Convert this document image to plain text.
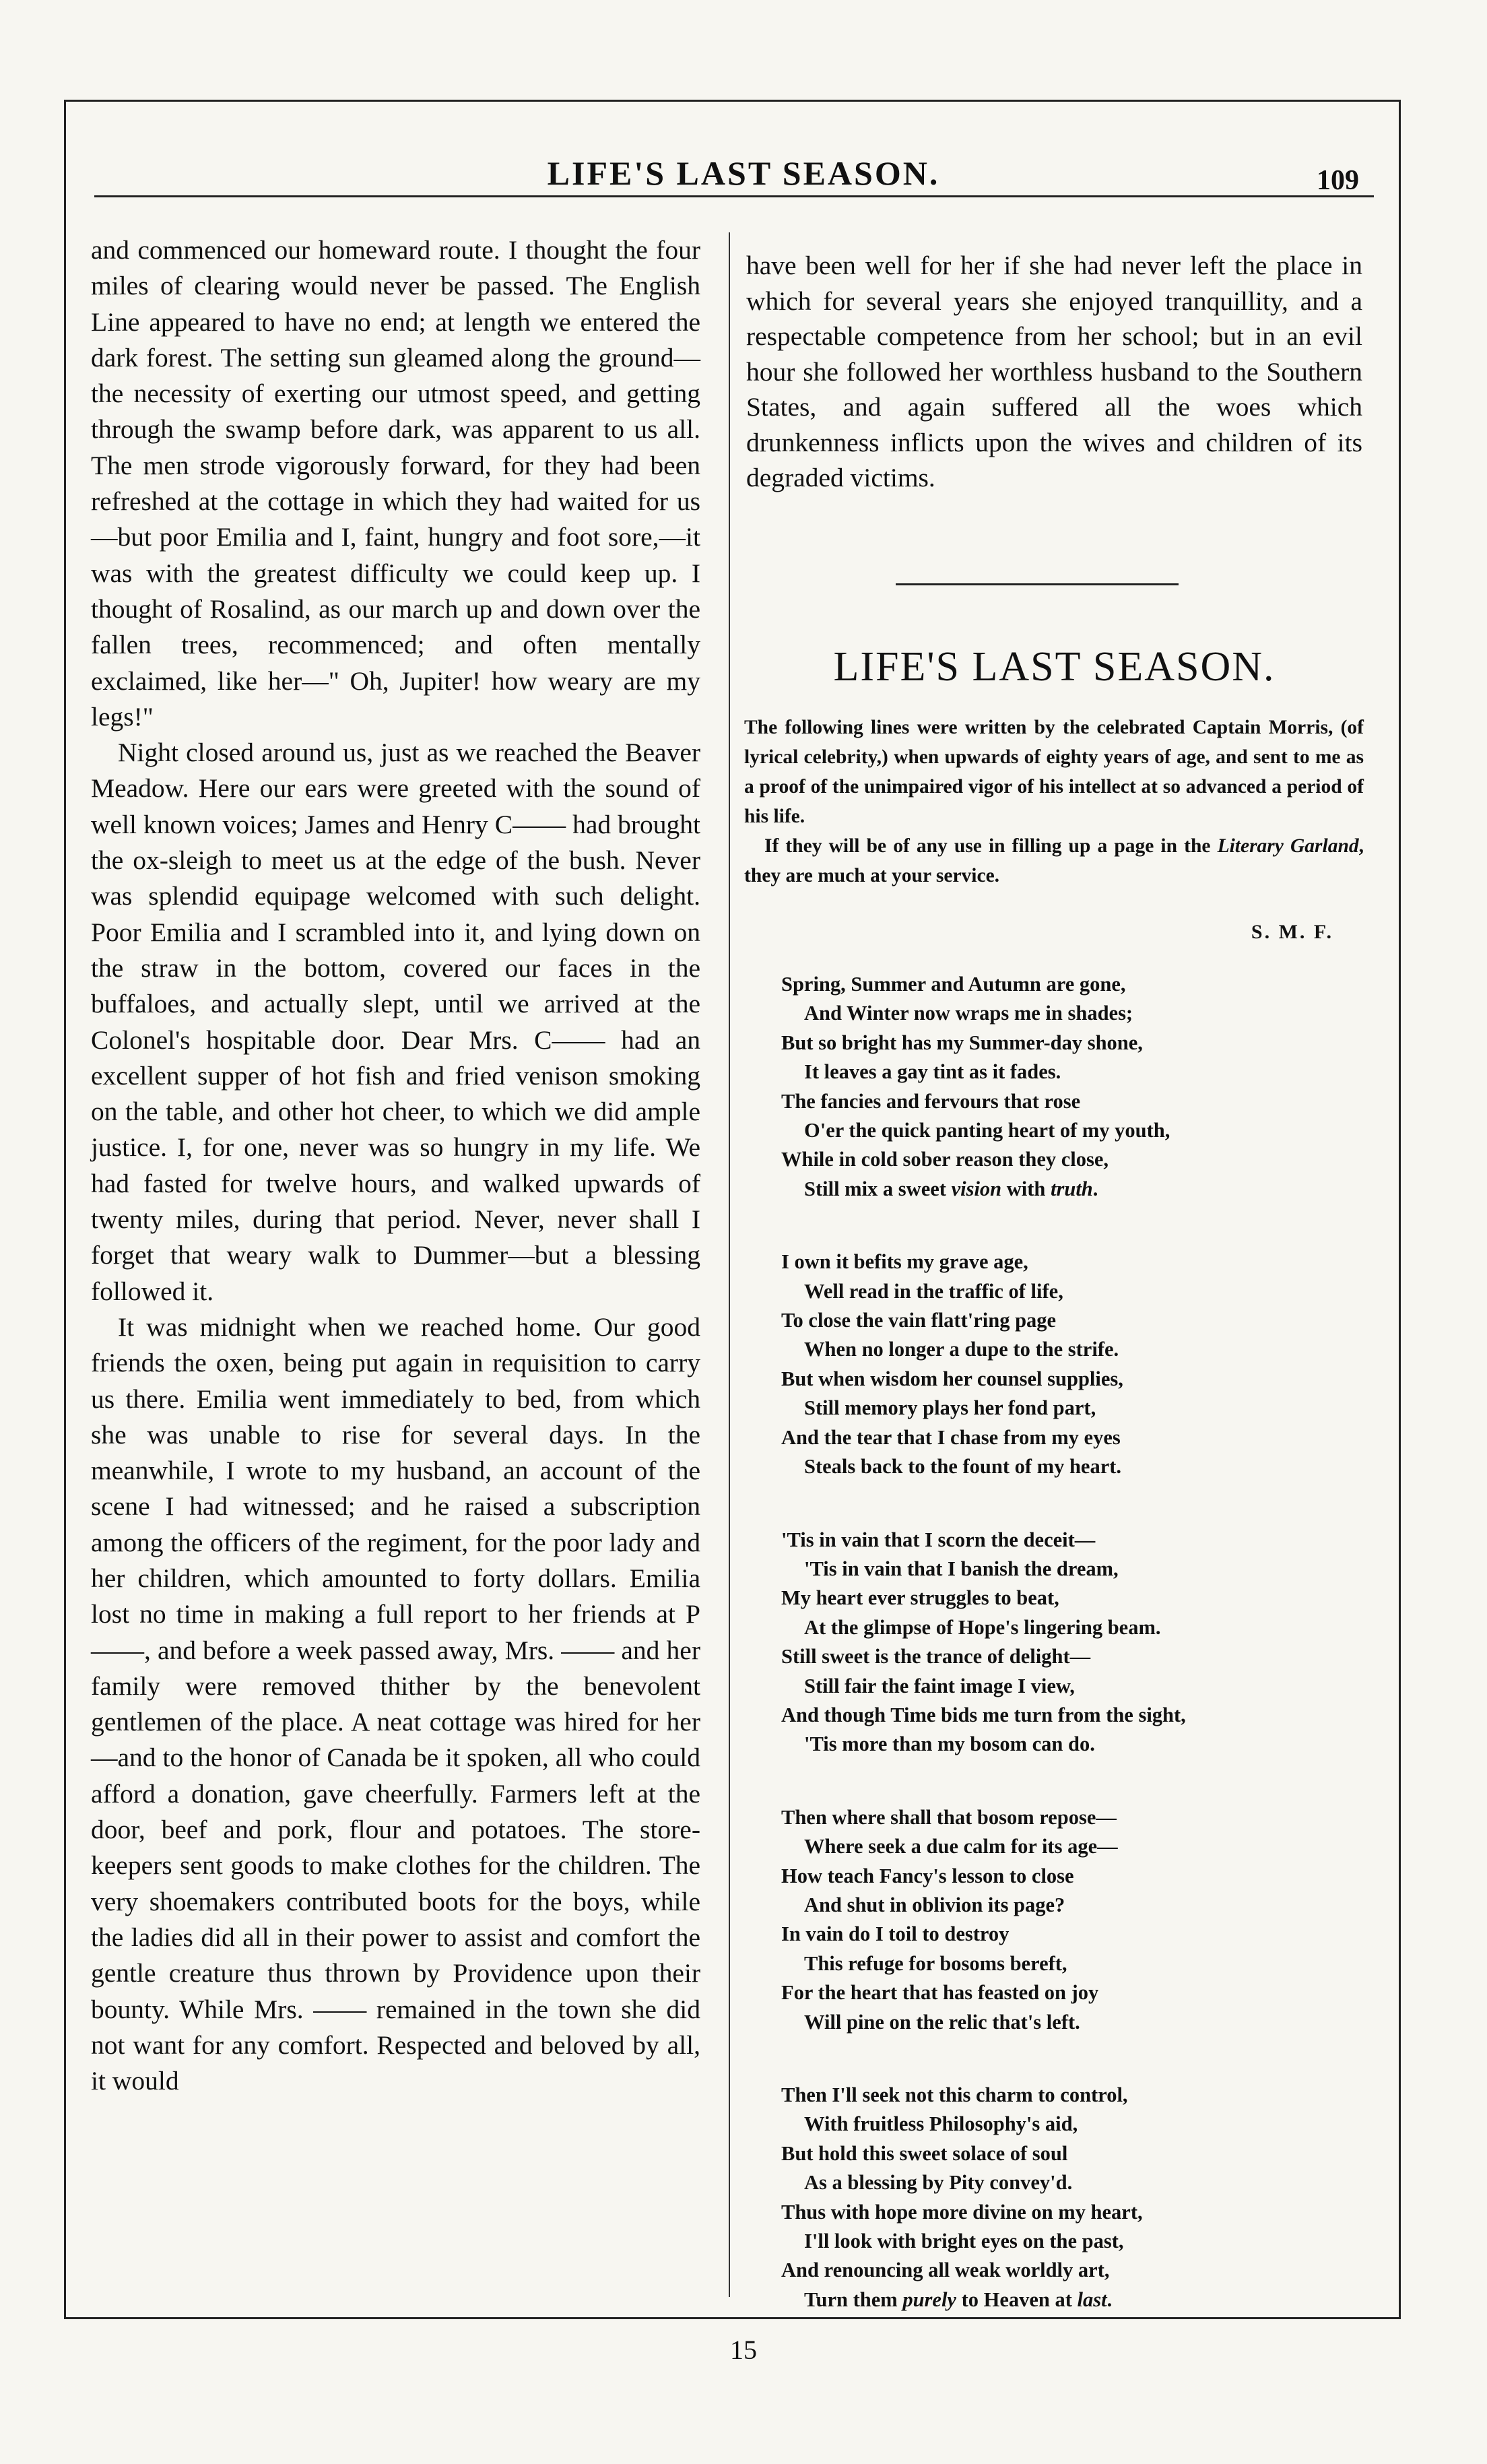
LIFE'S LAST SEASON.	109

and commenced our homeward route. I thought the four miles of clearing would never be passed. The English Line appeared to have no end; at length we entered the dark forest. The setting sun gleamed along the ground—the necessity of exerting our utmost speed, and getting through the swamp before dark, was apparent to us all. The men strode vigorously forward, for they had been refreshed at the cottage in which they had waited for us—but poor Emilia and I, faint, hungry and foot sore,—it was with the greatest difficulty we could keep up. I thought of Rosalind, as our march up and down over the fallen trees, recommenced; and often mentally exclaimed, like her—" Oh, Jupiter! how weary are my legs!"

Night closed around us, just as we reached the Beaver Meadow. Here our ears were greeted with the sound of well known voices; James and Henry C—— had brought the ox-sleigh to meet us at the edge of the bush. Never was splendid equipage welcomed with such delight. Poor Emilia and I scrambled into it, and lying down on the straw in the bottom, covered our faces in the buffaloes, and actually slept, until we arrived at the Colonel's hospitable door. Dear Mrs. C—— had an excellent supper of hot fish and fried venison smoking on the table, and other hot cheer, to which we did ample justice. I, for one, never was so hungry in my life. We had fasted for twelve hours, and walked upwards of twenty miles, during that period. Never, never shall I forget that weary walk to Dummer—but a blessing followed it.

It was midnight when we reached home. Our good friends the oxen, being put again in requisition to carry us there. Emilia went immediately to bed, from which she was unable to rise for several days. In the meanwhile, I wrote to my husband, an account of the scene I had witnessed; and he raised a subscription among the officers of the regiment, for the poor lady and her children, which amounted to forty dollars. Emilia lost no time in making a full report to her friends at P——, and before a week passed away, Mrs. —— and her family were removed thither by the benevolent gentlemen of the place. A neat cottage was hired for her—and to the honor of Canada be it spoken, all who could afford a donation, gave cheerfully. Farmers left at the door, beef and pork, flour and potatoes. The store-keepers sent goods to make clothes for the children. The very shoemakers contributed boots for the boys, while the ladies did all in their power to assist and comfort the gentle creature thus thrown by Providence upon their bounty. While Mrs. —— remained in the town she did not want for any comfort. Respected and beloved by all, it would

have been well for her if she had never left the place in which for several years she enjoyed tranquillity, and a respectable competence from her school; but in an evil hour she followed her worthless husband to the Southern States, and again suffered all the woes which drunkenness inflicts upon the wives and children of its degraded victims.

LIFE'S LAST SEASON.

The following lines were written by the celebrated Captain Morris, (of lyrical celebrity,) when upwards of eighty years of age, and sent to me as a proof of the unimpaired vigor of his intellect at so advanced a period of his life.

If they will be of any use in filling up a page in the Literary Garland, they are much at your service.

S. M. F.
Spring, Summer and Autumn are gone,
And Winter now wraps me in shades;
But so bright has my Summer-day shone,
It leaves a gay tint as it fades.
The fancies and fervours that rose
O'er the quick panting heart of my youth,
While in cold sober reason they close,
Still mix a sweet vision with truth.
I own it befits my grave age,
Well read in the traffic of life,
To close the vain flatt'ring page
When no longer a dupe to the strife.
But when wisdom her counsel supplies,
Still memory plays her fond part,
And the tear that I chase from my eyes
Steals back to the fount of my heart.
'Tis in vain that I scorn the deceit—
'Tis in vain that I banish the dream,
My heart ever struggles to beat,
At the glimpse of Hope's lingering beam.
Still sweet is the trance of delight—
Still fair the faint image I view,
And though Time bids me turn from the sight,
'Tis more than my bosom can do.
Then where shall that bosom repose—
Where seek a due calm for its age—
How teach Fancy's lesson to close
And shut in oblivion its page?
In vain do I toil to destroy
This refuge for bosoms bereft,
For the heart that has feasted on joy
Will pine on the relic that's left.
Then I'll seek not this charm to control,
With fruitless Philosophy's aid,
But hold this sweet solace of soul
As a blessing by Pity convey'd.
Thus with hope more divine on my heart,
I'll look with bright eyes on the past,
And renouncing all weak worldly art,
Turn them purely to Heaven at last.
15
